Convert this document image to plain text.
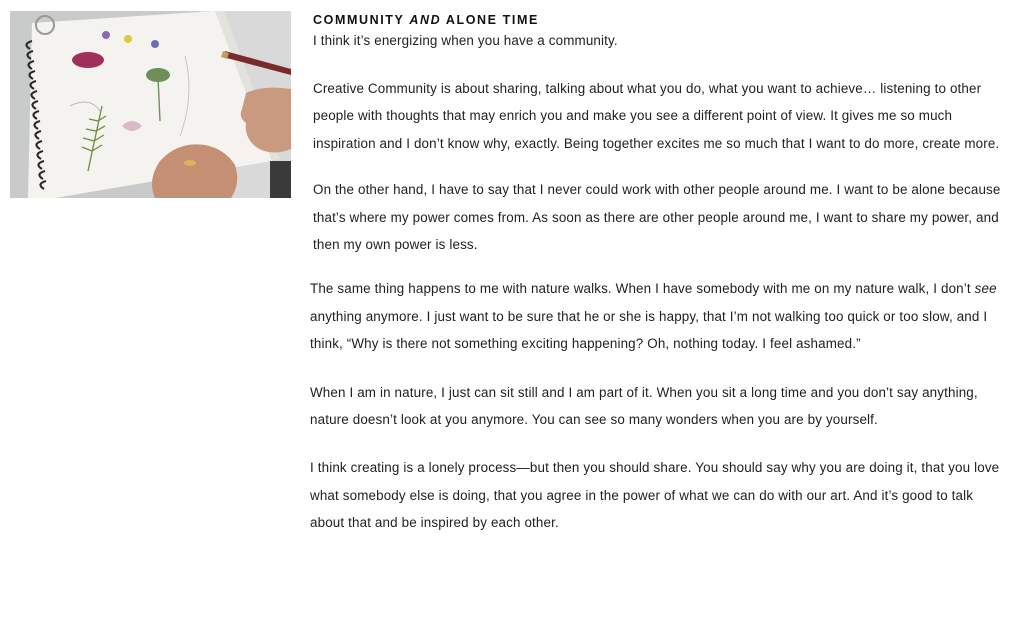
COMMUNITY AND ALONE TIME

I think it’s energizing when you have a community.

Creative Community is about sharing, talking about what you do, what you want to achieve… listening to other people with thoughts that may enrich you and make you see a different point of view. It gives me so much inspiration and I don’t know why, exactly. Being together excites me so much that I want to do more, create more.

On the other hand, I have to say that I never could work with other people around me. I want to be alone because that’s where my power comes from. As soon as there are other people around me, I want to share my power, and then my own power is less.

The same thing happens to me with nature walks. When I have somebody with me on my nature walk, I don’t see anything anymore. I just want to be sure that he or she is happy, that I’m not walking too quick or too slow, and I think, “Why is there not something exciting happening? Oh, nothing today. I feel ashamed.”

When I am in nature, I just can sit still and I am part of it. When you sit a long time and you don’t say anything, nature doesn’t look at you anymore. You can see so many wonders when you are by yourself.

I think creating is a lonely process—but then you should share. You should say why you are doing it, that you love what somebody else is doing, that you agree in the power of what we can do with our art. And it’s good to talk about that and be inspired by each other.
